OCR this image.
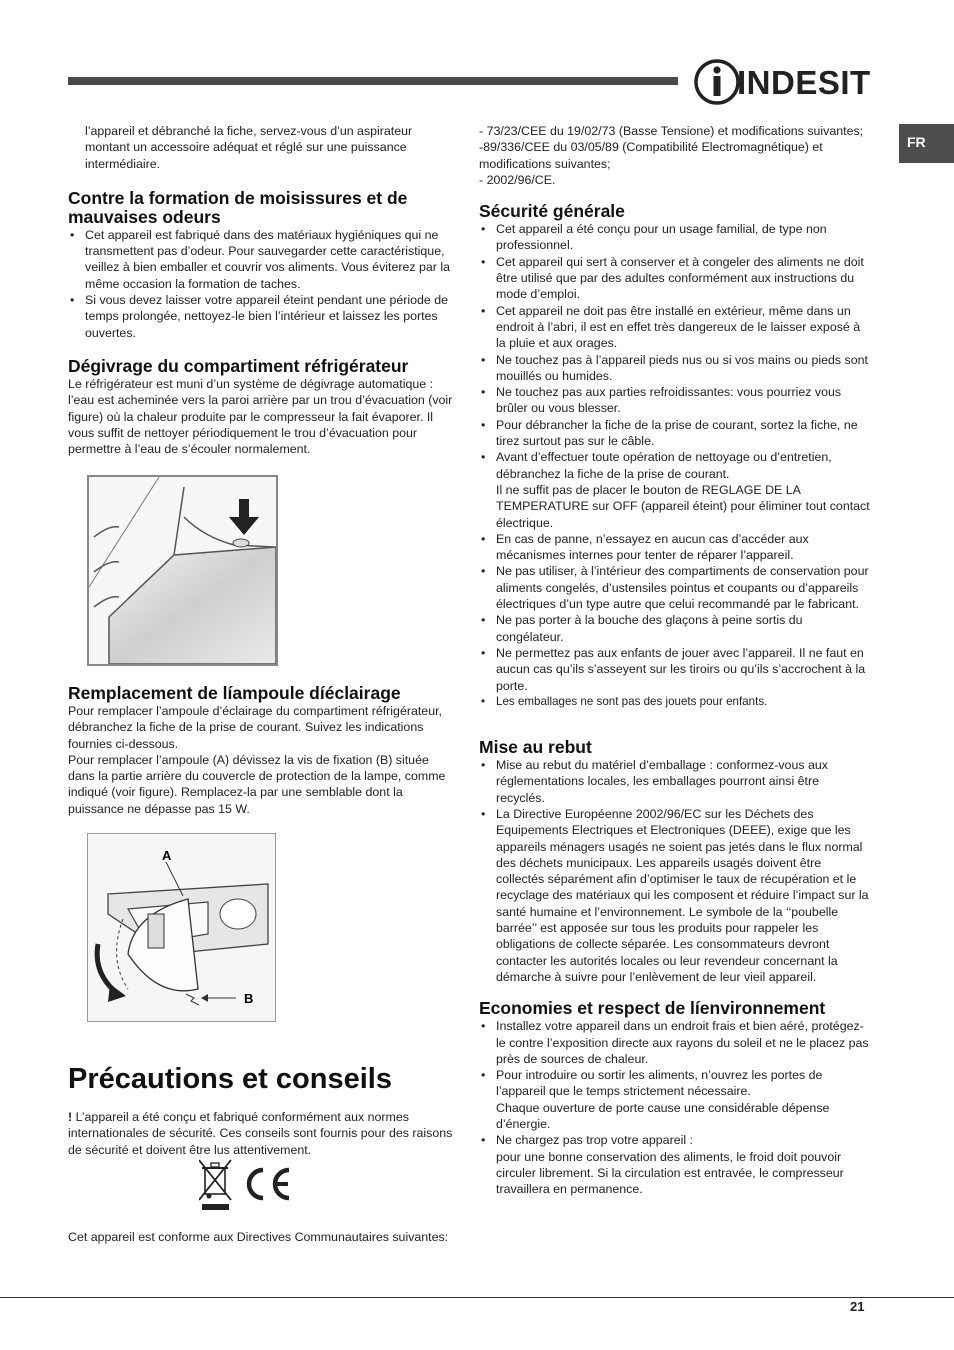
INDESIT
FR

l’appareil et débranché la fiche, servez-vous d’un aspirateur montant un accessoire adéquat et réglé sur une puissance intermédiaire.

Contre la formation de moisissures et de mauvaises odeurs
• Cet appareil est fabriqué dans des matériaux hygiéniques qui ne transmettent pas d’odeur. Pour sauvegarder cette caractéristique, veillez à bien emballer et couvrir vos aliments. Vous éviterez par la même occasion la formation de taches.
• Si vous devez laisser votre appareil éteint pendant une période de temps prolongée, nettoyez-le bien l’intérieur et laissez les portes ouvertes.
Dégivrage du compartiment réfrigérateur

Le réfrigérateur est muni d’un système de dégivrage automatique : l’eau est acheminée vers la paroi arrière par un trou d’évacuation (voir figure) où la chaleur produite par le compresseur la fait évaporer. Il vous suffit de nettoyer périodiquement le trou d’évacuation pour permettre à l’eau de s’écouler normalement.

Remplacement de líampoule díéclairage

Pour remplacer l’ampoule d’éclairage du compartiment réfrigérateur, débranchez la fiche de la prise de courant. Suivez les indications fournies ci-dessous.

Pour remplacer l’ampoule (A) dévissez la vis de fixation (B) située dans la partie arrière du couvercle de protection de la lampe, comme indiqué (voir figure). Remplacez-la par une semblable dont la puissance ne dépasse pas 15 W.

A
B
Précautions et conseils

! L’appareil a été conçu et fabriqué conformément aux normes internationales de sécurité. Ces conseils sont fournis pour des raisons de sécurité et doivent être lus attentivement.

CE

Cet appareil est conforme aux Directives Communautaires suivantes:

- 73/23/CEE du 19/02/73 (Basse Tensione) et modifications suivantes;

-89/336/CEE du 03/05/89 (Compatibilité Electromagnétique) et modifications suivantes;

- 2002/96/CE.

Sécurité générale
• Cet appareil a été conçu pour un usage familial, de type non professionnel.
• Cet appareil qui sert à conserver et à congeler des aliments ne doit être utilisé que par des adultes conformément aux instructions du mode d’emploi.
• Cet appareil ne doit pas être installé en extérieur, même dans un endroit à l’abri, il est en effet très dangereux de le laisser exposé à la pluie et aux orages.
• Ne touchez pas à l’appareil pieds nus ou si vos mains ou pieds sont mouillés ou humides.
• Ne touchez pas aux parties refroidissantes: vous pourriez vous brûler ou vous blesser.
• Pour débrancher la fiche de la prise de courant, sortez la fiche, ne tirez surtout pas sur le câble.
• Avant d’effectuer toute opération de nettoyage ou d’entretien, débranchez la fiche de la prise de courant.
Il ne suffit pas de placer le bouton de REGLAGE DE LA TEMPERATURE sur OFF (appareil éteint) pour éliminer tout contact électrique.
• En cas de panne, n’essayez en aucun cas d’accéder aux mécanismes internes pour tenter de réparer l’appareil.
• Ne pas utiliser, à l’intérieur des compartiments de conservation pour aliments congelés, d’ustensiles pointus et coupants ou d’appareils électriques d’un type autre que celui recommandé par le fabricant.
• Ne pas porter à la bouche des glaçons à peine sortis du congélateur.
• Ne permettez pas aux enfants de jouer avec l’appareil. Il ne faut en aucun cas qu’ils s’asseyent sur les tiroirs ou qu’ils s’accrochent à la porte.
• Les emballages ne sont pas des jouets pour enfants.
Mise au rebut
• Mise au rebut du matériel d’emballage : conformez-vous aux réglementations locales, les emballages pourront ainsi être recyclés.
• La Directive Européenne 2002/96/EC sur les Déchets des Equipements Electriques et Electroniques (DEEE), exige que les appareils ménagers usagés ne soient pas jetés dans le flux normal des déchets municipaux. Les appareils usagés doivent être collectés séparément afin d’optimiser le taux de récupération et le recyclage des matériaux qui les composent et réduire l’impact sur la santé humaine et l’environnement. Le symbole de la ‘‘poubelle barrée’’ est apposée sur tous les produits pour rappeler les obligations de collecte séparée. Les consommateurs devront contacter les autorités locales ou leur revendeur concernant la démarche à suivre pour l’enlèvement de leur vieil appareil.
Economies et respect de líenvironnement
• Installez votre appareil dans un endroit frais et bien aéré, protégez-le contre l’exposition directe aux rayons du soleil et ne le placez pas près de sources de chaleur.
• Pour introduire ou sortir les aliments, n’ouvrez les portes de l’appareil que le temps strictement nécessaire.
Chaque ouverture de porte cause une considérable dépense d’énergie.
• Ne chargez pas trop votre appareil :
pour une bonne conservation des aliments, le froid doit pouvoir circuler librement. Si la circulation est entravée, le compresseur travaillera en permanence.
21
